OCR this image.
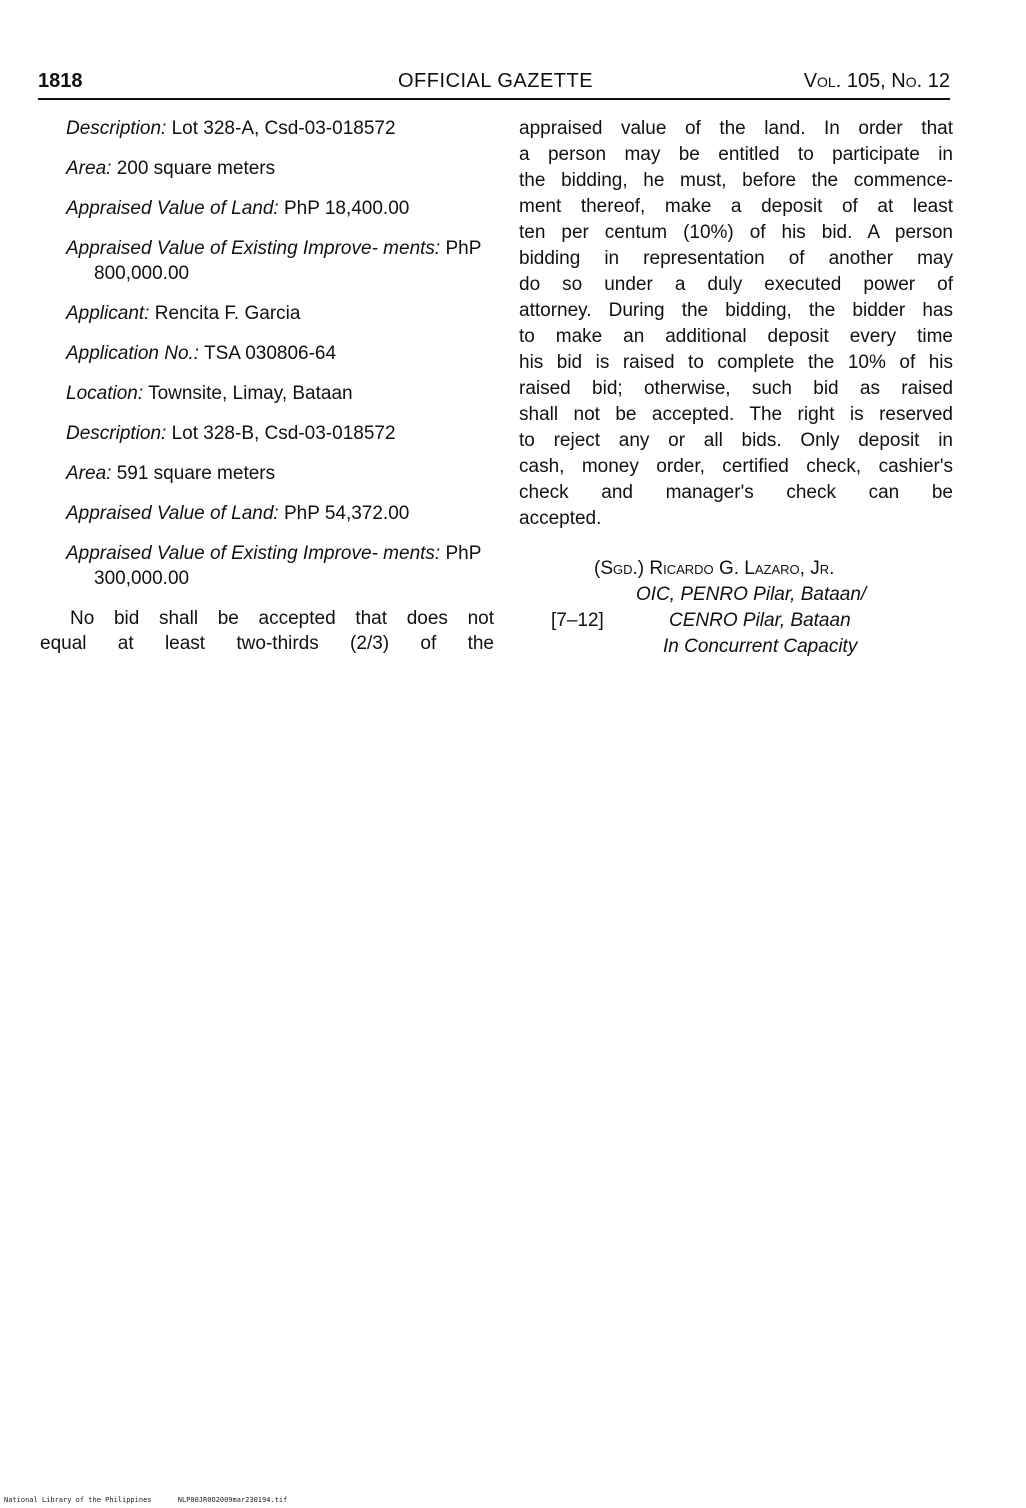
1818	OFFICIAL GAZETTE	Vol. 105, No. 12
Description: Lot 328-A, Csd-03-018572
Area: 200 square meters
Appraised Value of Land: PhP 18,400.00
Appraised Value of Existing Improve- ments: PhP 800,000.00
Applicant: Rencita F. Garcia
Application No.: TSA 030806-64
Location: Townsite, Limay, Bataan
Description: Lot 328-B, Csd-03-018572
Area: 591 square meters
Appraised Value of Land: PhP 54,372.00
Appraised Value of Existing Improve- ments: PhP 300,000.00

No bid shall be accepted that does not
equal at least two-thirds (2/3) of the

appraised value of the land. In order that
a person may be entitled to participate in
the bidding, he must, before the commence-
ment thereof, make a deposit of at least
ten per centum (10%) of his bid. A person
bidding in representation of another may
do so under a duly executed power of
attorney. During the bidding, the bidder has
to make an additional deposit every time
his bid is raised to complete the 10% of his
raised bid; otherwise, such bid as raised
shall not be accepted. The right is reserved
to reject any or all bids. Only deposit in
cash, money order, certified check, cashier's
check and manager's check can be
accepted.
(Sgd.) Ricardo G. Lazaro, Jr.
OIC, PENRO Pilar, Bataan/
[7–12]	CENRO Pilar, Bataan
In Concurrent Capacity
National Library of the Philippines	NLP00JR0O2009mar230194.tif
